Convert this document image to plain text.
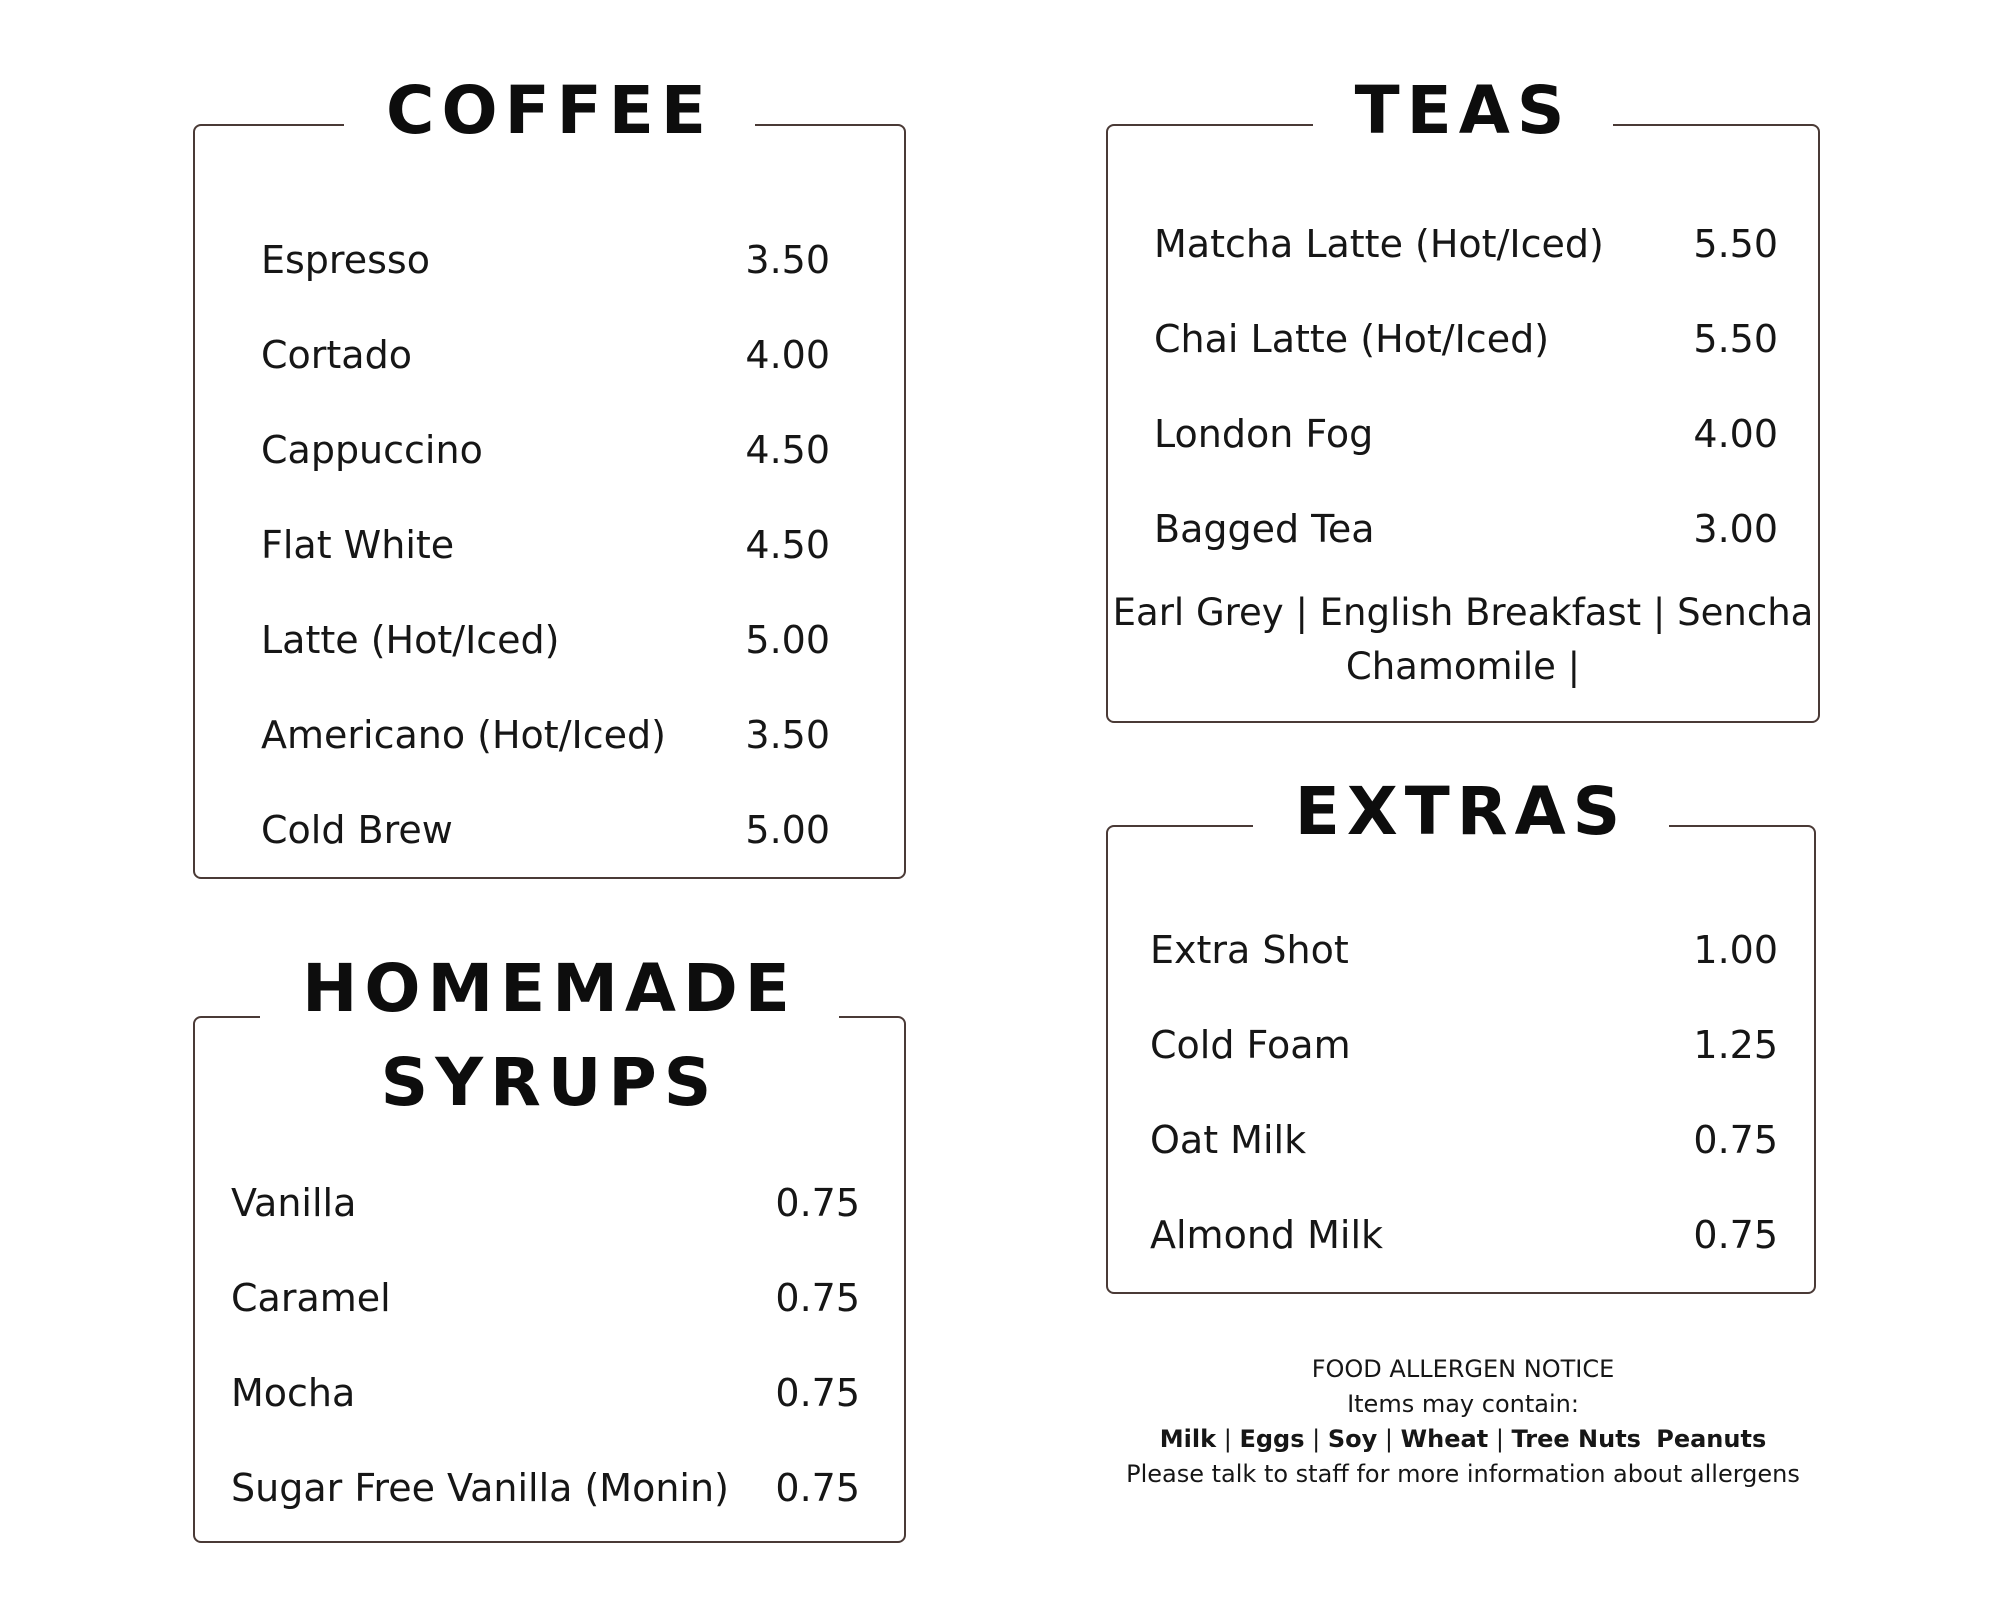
COFFEE
Espresso	3.50
Cortado	4.00
Cappuccino	4.50
Flat White	4.50
Latte (Hot/Iced)	5.00
Americano (Hot/Iced) 3.50
Cold Brew	5.00
TEAS
Matcha Latte (Hot/Iced) 5.50
Chai Latte (Hot/Iced)	5.50
London Fog	4.00
Bagged Tea	3.00
Earl Grey | English Breakfast | Sencha
Chamomile |
HOMEMADE
SYRUPS
Vanilla	0.75
Caramel	0.75
Mocha	0.75
Sugar Free Vanilla (Monin) 0.75
EXTRAS
Extra Shot	1.00
Cold Foam	1.25
Oat Milk	0.75
Almond Milk	0.75
FOOD ALLERGEN NOTICE
Items may contain:
Milk | Eggs | Soy | Wheat | Tree Nuts Peanuts
Please talk to staff for more information about allergens
